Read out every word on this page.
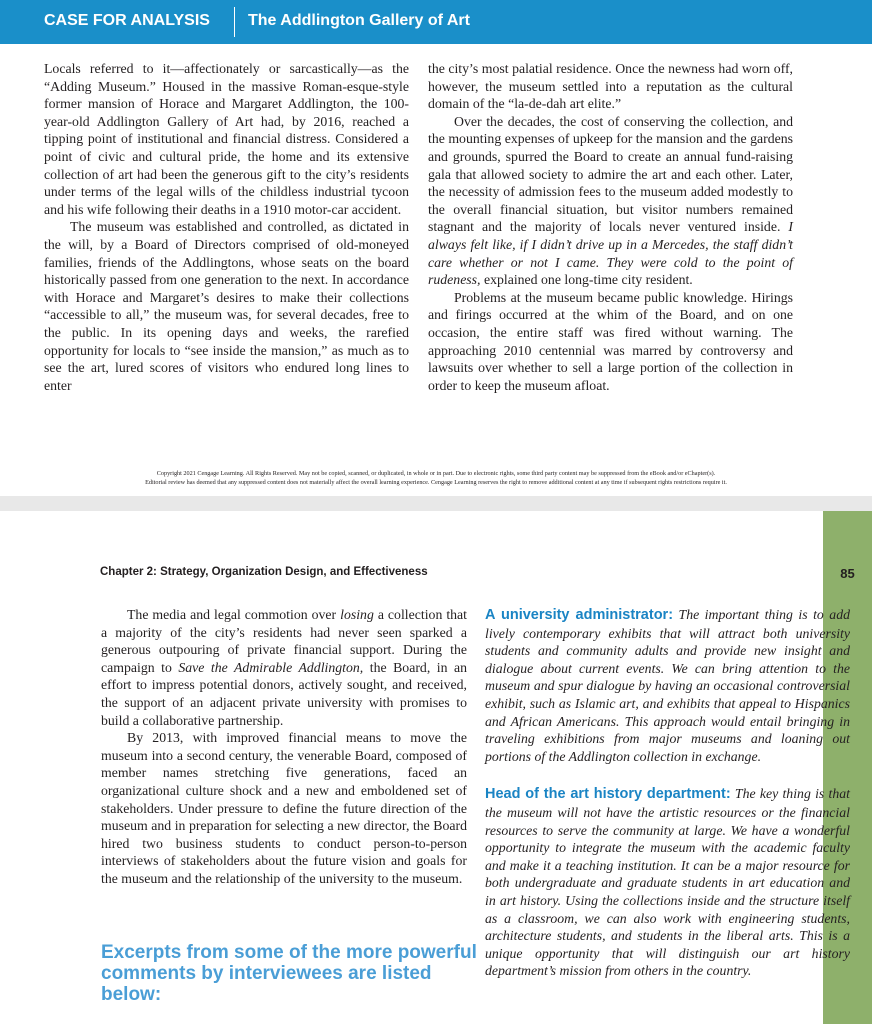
CASE FOR ANALYSIS The Addlington Gallery of Art

Locals referred to it—affectionately or sarcastically—as the “Adding Museum.” Housed in the massive Roman-esque-style former mansion of Horace and Margaret Addlington, the 100-year-old Addlington Gallery of Art had, by 2016, reached a tipping point of institutional and financial distress. Considered a point of civic and cultural pride, the home and its extensive collection of art had been the generous gift to the city’s residents under terms of the legal wills of the childless industrial tycoon and his wife following their deaths in a 1910 motor-car accident.

The museum was established and controlled, as dictated in the will, by a Board of Directors comprised of old-moneyed families, friends of the Addlingtons, whose seats on the board historically passed from one generation to the next. In accordance with Horace and Margaret’s desires to make their collections “accessible to all,” the museum was, for several decades, free to the public. In its opening days and weeks, the rarefied opportunity for locals to “see inside the mansion,” as much as to see the art, lured scores of visitors who endured long lines to enter

the city’s most palatial residence. Once the newness had worn off, however, the museum settled into a reputation as the cultural domain of the “la-de-dah art elite.”

Over the decades, the cost of conserving the collection, and the mounting expenses of upkeep for the mansion and the gardens and grounds, spurred the Board to create an annual fund-raising gala that allowed society to admire the art and each other. Later, the necessity of admission fees to the museum added modestly to the overall financial situation, but visitor numbers remained stagnant and the majority of locals never ventured inside. I always felt like, if I didn’t drive up in a Mercedes, the staff didn’t care whether or not I came. They were cold to the point of rudeness, explained one long-time city resident.

Problems at the museum became public knowledge. Hirings and firings occurred at the whim of the Board, and on one occasion, the entire staff was fired without warning. The approaching 2010 centennial was marred by controversy and lawsuits over whether to sell a large portion of the collection in order to keep the museum afloat.

Copyright 2021 Cengage Learning. All Rights Reserved. May not be copied, scanned, or duplicated, in whole or in part. Due to electronic rights, some third party content may be suppressed from the eBook and/or eChapter(s).
Editorial review has deemed that any suppressed content does not materially affect the overall learning experience. Cengage Learning reserves the right to remove additional content at any time if subsequent rights restrictions require it.
85
Chapter 2: Strategy, Organization Design, and Effectiveness

The media and legal commotion over losing a collection that a majority of the city’s residents had never seen sparked a generous outpouring of private financial support. During the campaign to Save the Admirable Addlington, the Board, in an effort to impress potential donors, actively sought, and received, the support of an adjacent private university with promises to build a collaborative partnership.

By 2013, with improved financial means to move the museum into a second century, the venerable Board, composed of member names stretching five generations, faced an organizational culture shock and a new and emboldened set of stakeholders. Under pressure to define the future direction of the museum and in preparation for selecting a new director, the Board hired two business students to conduct person-to-person interviews of stakeholders about the future vision and goals for the museum and the relationship of the university to the museum.

Excerpts from some of the more powerful comments by interviewees are listed below:

A university administrator: The important thing is to add lively contemporary exhibits that will attract both university students and community adults and provide new insight and dialogue about current events. We can bring attention to the museum and spur dialogue by having an occasional controversial exhibit, such as Islamic art, and exhibits that appeal to Hispanics and African Americans. This approach would entail bringing in traveling exhibitions from major museums and loaning out portions of the Addlington collection in exchange.

Head of the art history department: The key thing is that the museum will not have the artistic resources or the financial resources to serve the community at large. We have a wonderful opportunity to integrate the museum with the academic faculty and make it a teaching institution. It can be a major resource for both undergraduate and graduate students in art education and in art history. Using the collections inside and the structure itself as a classroom, we can also work with engineering students, architecture students, and students in the liberal arts. This is a unique opportunity that will distinguish our art history department’s mission from others in the country.
